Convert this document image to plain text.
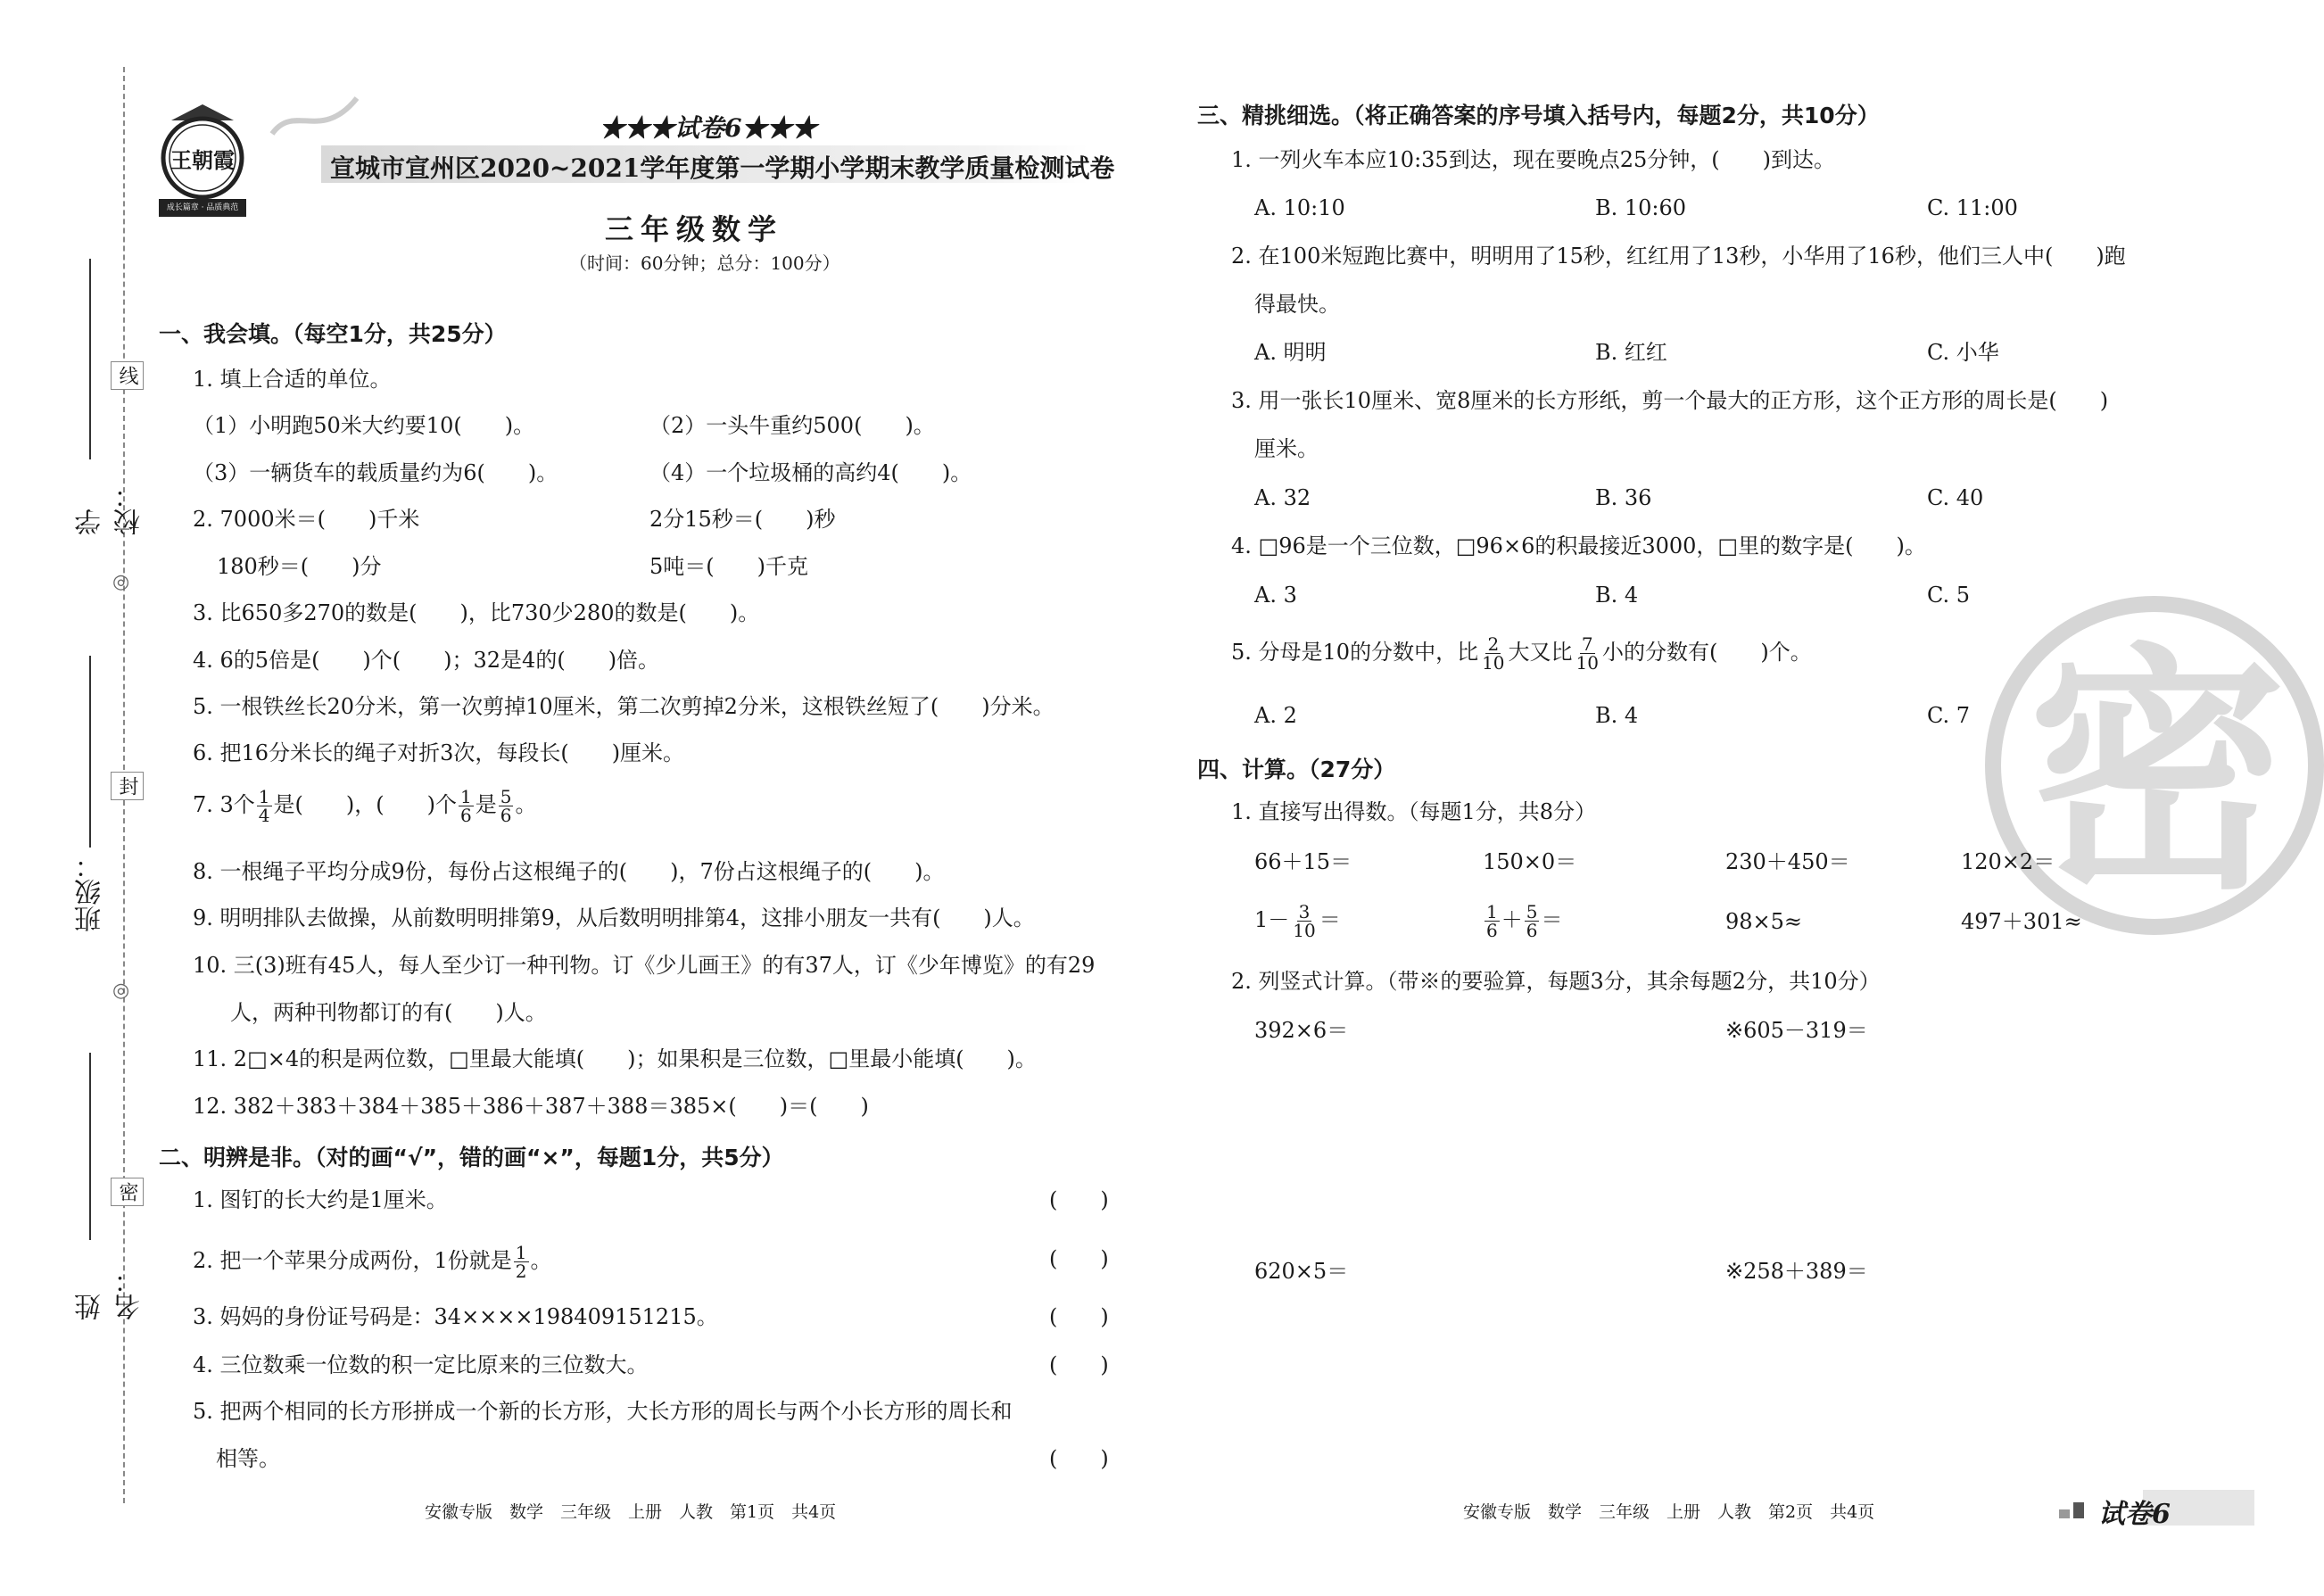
线
封
密
◎
◎
学校：
班级：
姓名：
王朝霞
成长篇章 · 品质典范
★★★试卷6★★★
宣城市宣州区2020~2021学年度第一学期小学期末教学质量检测试卷
三年级数学
（时间：60分钟；总分：100分）
一、我会填。（每空1分，共25分）
1. 填上合适的单位。
（1）小明跑50米大约要10(　　)。	（2）一头牛重约500(　　)。
（3）一辆货车的载质量约为6(　　)。	（4）一个垃圾桶的高约4(　　)。
2. 7000米＝(　　)千米	2分15秒＝(　　)秒
180秒＝(　　)分	5吨＝(　　)千克
3. 比650多270的数是(　　)，比730少280的数是(　　)。
4. 6的5倍是(　　)个(　　)；32是4的(　　)倍。
5. 一根铁丝长20分米，第一次剪掉10厘米，第二次剪掉2分米，这根铁丝短了(　　)分米。
6. 把16分米长的绳子对折3次，每段长(　　)厘米。
7. 3个 $\frac{1}{4}$ 是(　　)，(　　)个 $\frac{1}{6}$ 是 $\frac{5}{6}$ 。
8. 一根绳子平均分成9份，每份占这根绳子的(　　)，7份占这根绳子的(　　)。
9. 明明排队去做操，从前数明明排第9，从后数明明排第4，这排小朋友一共有(　　)人。
10. 三(3)班有45人，每人至少订一种刊物。订《少儿画王》的有37人，订《少年博览》的有29
人，两种刊物都订的有(　　)人。
11. 2□×4的积是两位数，□里最大能填(　　)；如果积是三位数，□里最小能填(　　)。
12. 382＋383＋384＋385＋386＋387＋388＝385×(　　)＝(　　)
二、明辨是非。（对的画“√”，错的画“×”，每题1分，共5分）
1. 图钉的长大约是1厘米。	(　　)
2. 把一个苹果分成两份，1份就是 $\frac{1}{2}$ 。	(　　)
3. 妈妈的身份证号码是：34××××198409151215。	(　　)
4. 三位数乘一位数的积一定比原来的三位数大。	(　　)
5. 把两个相同的长方形拼成一个新的长方形，大长方形的周长与两个小长方形的周长和
相等。	(　　)
安徽专版　数学　三年级　上册　人教　第1页　共4页
密
三、精挑细选。（将正确答案的序号填入括号内，每题2分，共10分）
1. 一列火车本应10:35到达，现在要晚点25分钟，(　　)到达。
A. 10:10	B. 10:60	C. 11:00
2. 在100米短跑比赛中，明明用了15秒，红红用了13秒，小华用了16秒，他们三人中(　　)跑
得最快。
A. 明明	B. 红红	C. 小华
3. 用一张长10厘米、宽8厘米的长方形纸，剪一个最大的正方形，这个正方形的周长是(　　)
厘米。
A. 32	B. 36	C. 40
4. □96是一个三位数，□96×6的积最接近3000，□里的数字是(　　)。
A. 3	B. 4	C. 5
5. 分母是10的分数中，比 $\frac{2}{10}$ 大又比 $\frac{7}{10}$ 小的分数有(　　)个。
A. 2	B. 4	C. 7
四、计算。（27分）
1. 直接写出得数。（每题1分，共8分）
66＋15＝	150×0＝	230＋450＝	120×2＝
$1- \frac{3}{10}$ ＝	$\frac{1}{6} + \frac{5}{6}$ ＝	98×5≈	497＋301≈
2. 列竖式计算。（带※的要验算，每题3分，其余每题2分，共10分）
392×6＝	※605－319＝
620×5＝	※258＋389＝
安徽专版　数学　三年级　上册　人教　第2页　共4页	试卷6
